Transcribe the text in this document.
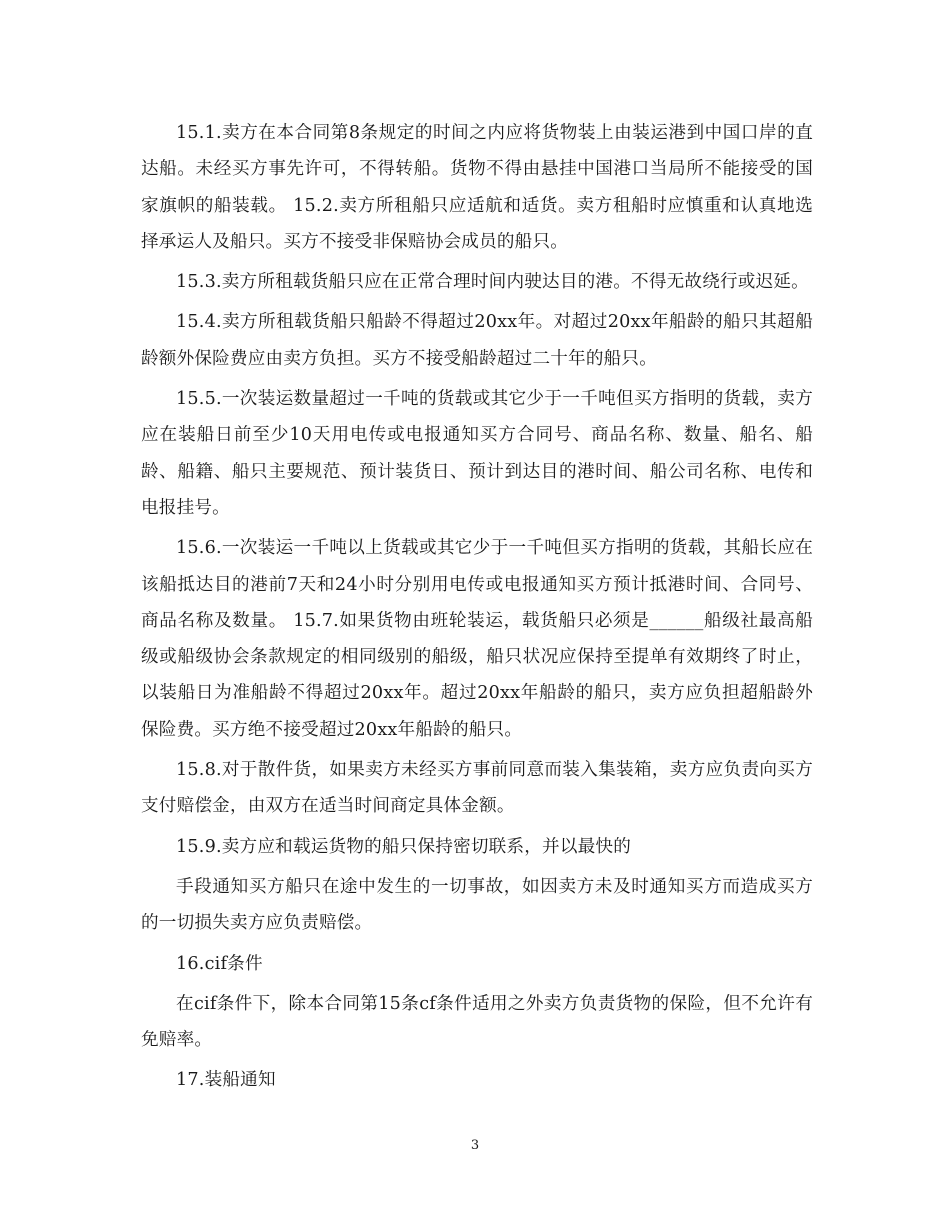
15.1.卖方在本合同第8条规定的时间之内应将货物装上由装运港到中国口岸的直达船。未经买方事先许可，不得转船。货物不得由悬挂中国港口当局所不能接受的国家旗帜的船装载。 15.2.卖方所租船只应适航和适货。卖方租船时应慎重和认真地选择承运人及船只。买方不接受非保赔协会成员的船只。

15.3.卖方所租载货船只应在正常合理时间内驶达目的港。不得无故绕行或迟延。

15.4.卖方所租载货船只船龄不得超过20xx年。对超过20xx年船龄的船只其超船龄额外保险费应由卖方负担。买方不接受船龄超过二十年的船只。

15.5.一次装运数量超过一千吨的货载或其它少于一千吨但买方指明的货载，卖方应在装船日前至少10天用电传或电报通知买方合同号、商品名称、数量、船名、船龄、船籍、船只主要规范、预计装货日、预计到达目的港时间、船公司名称、电传和电报挂号。

15.6.一次装运一千吨以上货载或其它少于一千吨但买方指明的货载，其船长应在该船抵达目的港前7天和24小时分别用电传或电报通知买方预计抵港时间、合同号、商品名称及数量。 15.7.如果货物由班轮装运，载货船只必须是______船级社最高船级或船级协会条款规定的相同级别的船级，船只状况应保持至提单有效期终了时止，以装船日为准船龄不得超过20xx年。超过20xx年船龄的船只，卖方应负担超船龄外保险费。买方绝不接受超过20xx年船龄的船只。

15.8.对于散件货，如果卖方未经买方事前同意而装入集装箱，卖方应负责向买方支付赔偿金，由双方在适当时间商定具体金额。

15.9.卖方应和载运货物的船只保持密切联系，并以最快的

手段通知买方船只在途中发生的一切事故，如因卖方未及时通知买方而造成买方的一切损失卖方应负责赔偿。

16.cif条件

在cif条件下，除本合同第15条cf条件适用之外卖方负责货物的保险，但不允许有免赔率。

17.装船通知

3
